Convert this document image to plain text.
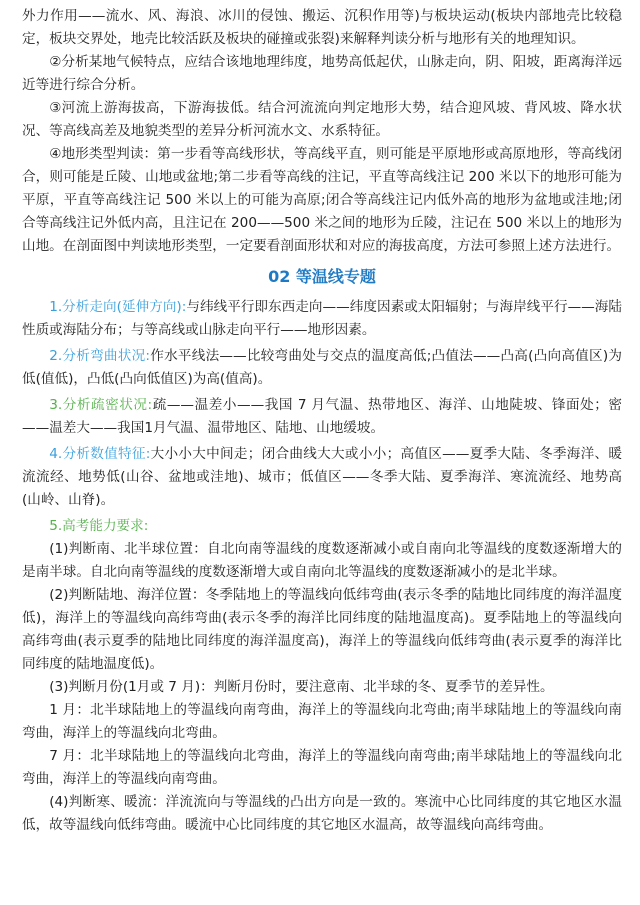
外力作用——流水、风、海浪、冰川的侵蚀、搬运、沉积作用等)与板块运动(板块内部地壳比较稳定，板块交界处，地壳比较活跃及板块的碰撞或张裂)来解释判读分析与地形有关的地理知识。

②分析某地气候特点，应结合该地地理纬度，地势高低起伏，山脉走向，阴、阳坡，距离海洋远近等进行综合分析。

③河流上游海拔高，下游海拔低。结合河流流向判定地形大势，结合迎风坡、背风坡、降水状况、等高线高差及地貌类型的差异分析河流水文、水系特征。

④地形类型判读：第一步看等高线形状，等高线平直，则可能是平原地形或高原地形，等高线闭合，则可能是丘陵、山地或盆地;第二步看等高线的注记，平直等高线注记 200 米以下的地形可能为平原，平直等高线注记 500 米以上的可能为高原;闭合等高线注记内低外高的地形为盆地或洼地;闭合等高线注记外低内高，且注记在 200——500 米之间的地形为丘陵，注记在 500 米以上的地形为山地。在剖面图中判读地形类型，一定要看剖面形状和对应的海拔高度，方法可参照上述方法进行。

02 等温线专题

1.分析走向(延伸方向):与纬线平行即东西走向——纬度因素或太阳辐射；与海岸线平行——海陆性质或海陆分布；与等高线或山脉走向平行——地形因素。

2.分析弯曲状况:作水平线法——比较弯曲处与交点的温度高低;凸值法——凸高(凸向高值区)为低(值低)，凸低(凸向低值区)为高(值高)。

3.分析疏密状况:疏——温差小——我国 7 月气温、热带地区、海洋、山地陡坡、锋面处；密——温差大——我国1月气温、温带地区、陆地、山地缓坡。

4.分析数值特征:大小小大中间走；闭合曲线大大或小小；高值区——夏季大陆、冬季海洋、暖流流经、地势低(山谷、盆地或洼地)、城市；低值区——冬季大陆、夏季海洋、寒流流经、地势高(山岭、山脊)。

5.高考能力要求:

(1)判断南、北半球位置：自北向南等温线的度数逐渐减小或自南向北等温线的度数逐渐增大的是南半球。自北向南等温线的度数逐渐增大或自南向北等温线的度数逐渐减小的是北半球。

(2)判断陆地、海洋位置：冬季陆地上的等温线向低纬弯曲(表示冬季的陆地比同纬度的海洋温度低)，海洋上的等温线向高纬弯曲(表示冬季的海洋比同纬度的陆地温度高)。夏季陆地上的等温线向高纬弯曲(表示夏季的陆地比同纬度的海洋温度高)，海洋上的等温线向低纬弯曲(表示夏季的海洋比同纬度的陆地温度低)。

(3)判断月份(1月或 7 月)：判断月份时，要注意南、北半球的冬、夏季节的差异性。

1 月：北半球陆地上的等温线向南弯曲，海洋上的等温线向北弯曲;南半球陆地上的等温线向南弯曲，海洋上的等温线向北弯曲。

7 月：北半球陆地上的等温线向北弯曲，海洋上的等温线向南弯曲;南半球陆地上的等温线向北弯曲，海洋上的等温线向南弯曲。

(4)判断寒、暖流：洋流流向与等温线的凸出方向是一致的。寒流中心比同纬度的其它地区水温低，故等温线向低纬弯曲。暖流中心比同纬度的其它地区水温高，故等温线向高纬弯曲。
